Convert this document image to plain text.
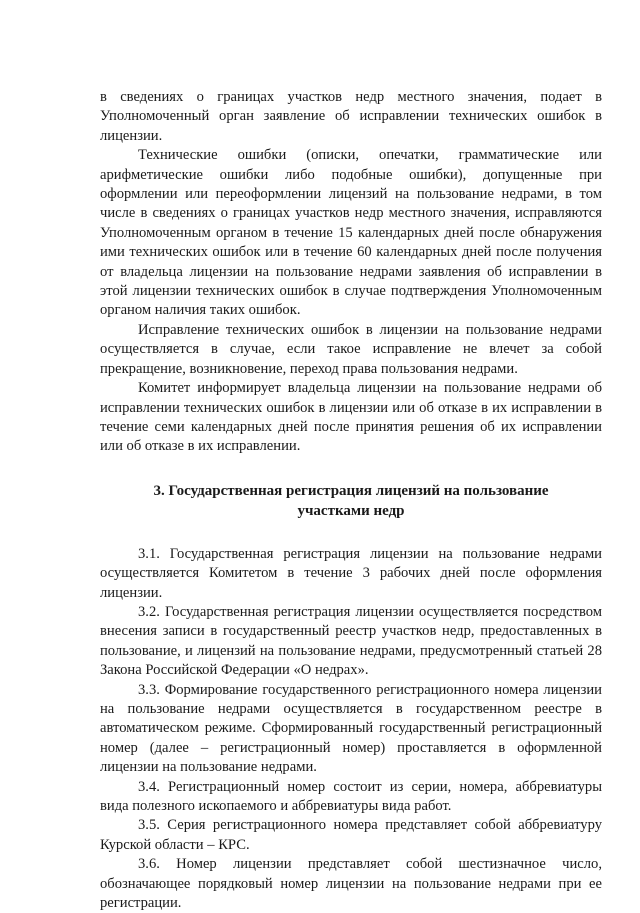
в сведениях о границах участков недр местного значения, подает в Уполномоченный орган заявление об исправлении технических ошибок в лицензии.

Технические ошибки (описки, опечатки, грамматические или арифметические ошибки либо подобные ошибки), допущенные при оформлении или переоформлении лицензий на пользование недрами, в том числе в сведениях о границах участков недр местного значения, исправляются Уполномоченным органом в течение 15 календарных дней после обнаружения ими технических ошибок или в течение 60 календарных дней после получения от владельца лицензии на пользование недрами заявления об исправлении в этой лицензии технических ошибок в случае подтверждения Уполномоченным органом наличия таких ошибок.

Исправление технических ошибок в лицензии на пользование недрами осуществляется в случае, если такое исправление не влечет за собой прекращение, возникновение, переход права пользования недрами.

Комитет информирует владельца лицензии на пользование недрами об исправлении технических ошибок в лицензии или об отказе в их исправлении в течение семи календарных дней после принятия решения об их исправлении или об отказе в их исправлении.

3. Государственная регистрация лицензий на пользование участками недр

3.1. Государственная регистрация лицензии на пользование недрами осуществляется Комитетом в течение 3 рабочих дней после оформления лицензии.

3.2. Государственная регистрация лицензии осуществляется посредством внесения записи в государственный реестр участков недр, предоставленных в пользование, и лицензий на пользование недрами, предусмотренный статьей 28 Закона Российской Федерации «О недрах».

3.3. Формирование государственного регистрационного номера лицензии на пользование недрами осуществляется в государственном реестре в автоматическом режиме. Сформированный государственный регистрационный номер (далее – регистрационный номер) проставляется в оформленной лицензии на пользование недрами.

3.4. Регистрационный номер состоит из серии, номера, аббревиатуры вида полезного ископаемого и аббревиатуры вида работ.

3.5. Серия регистрационного номера представляет собой аббревиатуру Курской области – КРС.

3.6. Номер лицензии представляет собой шестизначное число, обозначающее порядковый номер лицензии на пользование недрами при ее регистрации.
